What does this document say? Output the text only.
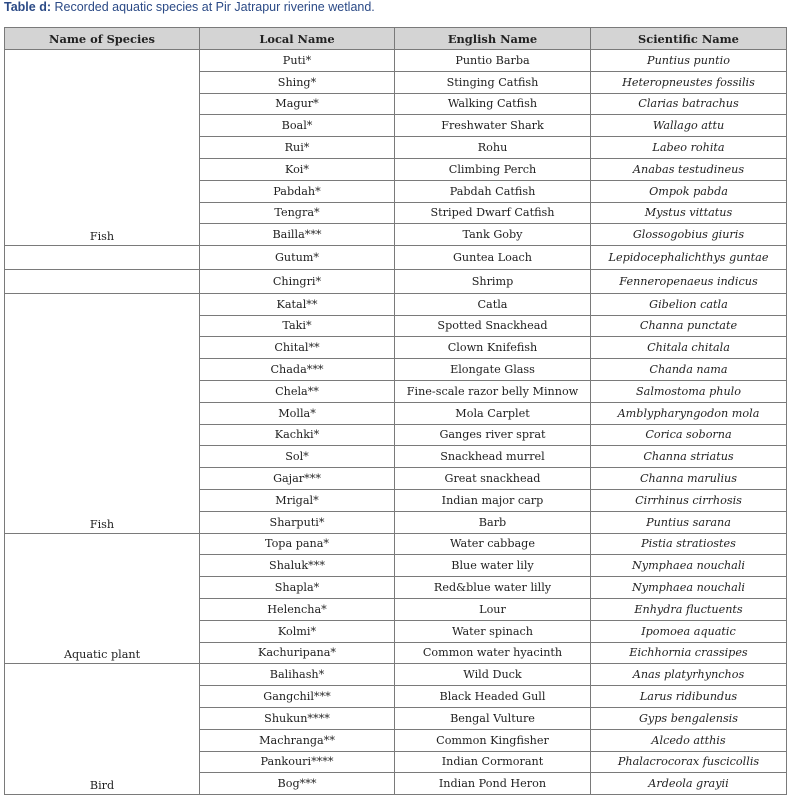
Table d: Recorded aquatic species at Pir Jatrapur riverine wetland.
Name of Species	Local Name	English Name	Scientific Name
Fish	Puti*	Puntio Barba	Puntius puntio
	Shing*	Stinging Catfish	Heteropneustes fossilis
	Magur*	Walking Catfish	Clarias batrachus
	Boal*	Freshwater Shark	Wallago attu
	Rui*	Rohu	Labeo rohita
	Koi*	Climbing Perch	Anabas testudineus
	Pabdah*	Pabdah Catfish	Ompok pabda
	Tengra*	Striped Dwarf Catfish	Mystus vittatus
	Bailla***	Tank Goby	Glossogobius giuris
	Gutum*	Guntea Loach	Lepidocephalichthys guntae
	Chingri*	Shrimp	Fenneropenaeus indicus
Fish	Katal**	Catla	Gibelion catla
	Taki*	Spotted Snackhead	Channa punctate
	Chital**	Clown Knifefish	Chitala chitala
	Chada***	Elongate Glass	Chanda nama
	Chela**	Fine-scale razor belly Minnow	Salmostoma phulo
	Molla*	Mola Carplet	Amblypharyngodon mola
	Kachki*	Ganges river sprat	Corica soborna
	Sol*	Snackhead murrel	Channa striatus
	Gajar***	Great snackhead	Channa marulius
	Mrigal*	Indian major carp	Cirrhinus cirrhosis
	Sharputi*	Barb	Puntius sarana
Aquatic plant	Topa pana*	Water cabbage	Pistia stratiostes
	Shaluk***	Blue water lily	Nymphaea nouchali
	Shapla*	Red&blue water lilly	Nymphaea nouchali
	Helencha*	Lour	Enhydra fluctuents
	Kolmi*	Water spinach	Ipomoea aquatic
	Kachuripana*	Common water hyacinth	Eichhornia crassipes
Bird	Balihash*	Wild Duck	Anas platyrhynchos
	Gangchil***	Black Headed Gull	Larus ridibundus
	Shukun****	Bengal Vulture	Gyps bengalensis
	Machranga**	Common Kingfisher	Alcedo atthis
	Pankouri****	Indian Cormorant	Phalacrocorax fuscicollis
	Bog***	Indian Pond Heron	Ardeola grayii
